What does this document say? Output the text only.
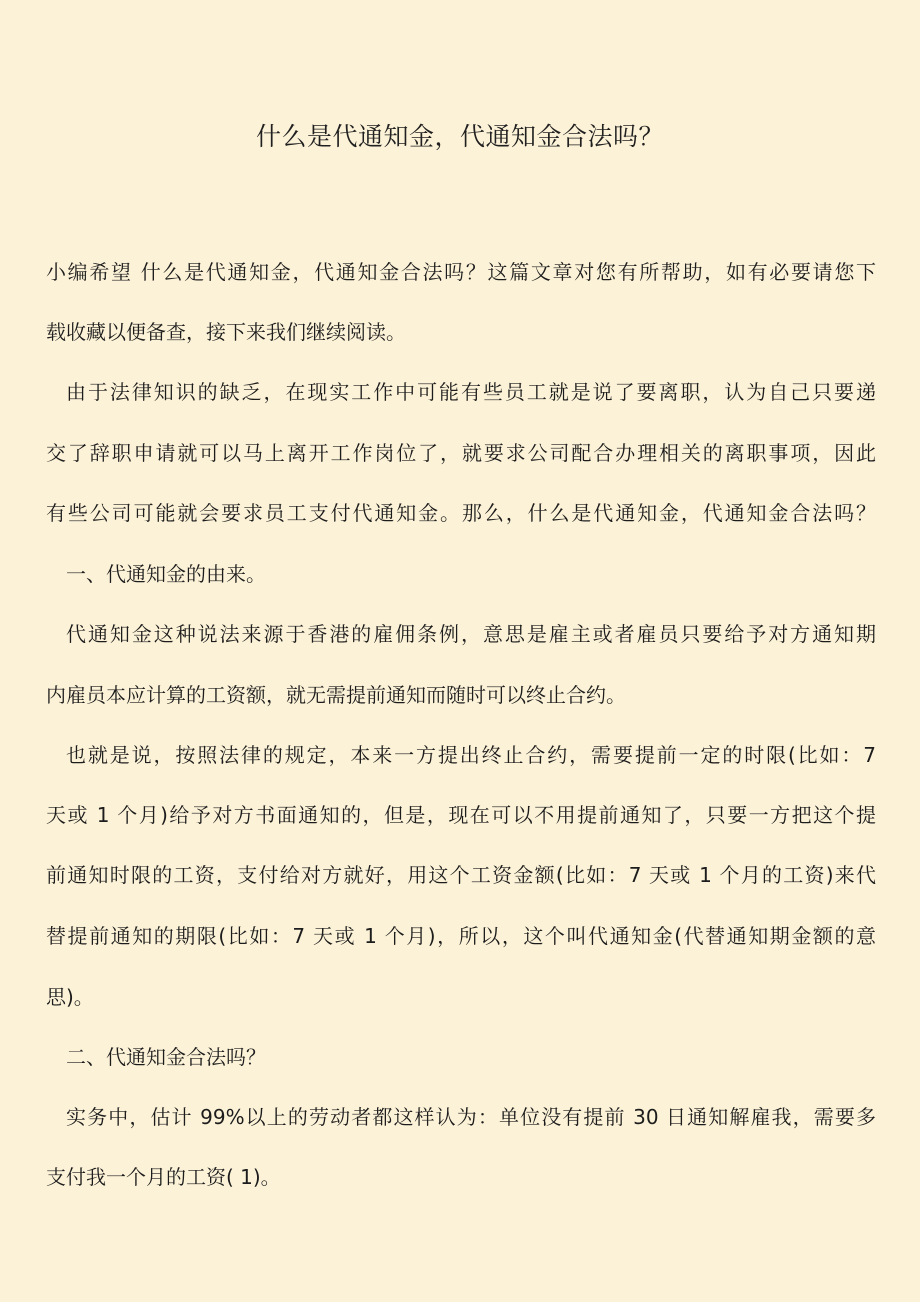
什么是代通知金，代通知金合法吗？
小编希望 什么是代通知金，代通知金合法吗？这篇文章对您有所帮助，如有必要请您下
载收藏以便备查，接下来我们继续阅读。
由于法律知识的缺乏，在现实工作中可能有些员工就是说了要离职，认为自己只要递
交了辞职申请就可以马上离开工作岗位了，就要求公司配合办理相关的离职事项，因此
有些公司可能就会要求员工支付代通知金。那么，什么是代通知金，代通知金合法吗？
一、代通知金的由来。
代通知金这种说法来源于香港的雇佣条例，意思是雇主或者雇员只要给予对方通知期
内雇员本应计算的工资额，就无需提前通知而随时可以终止合约。
也就是说，按照法律的规定，本来一方提出终止合约，需要提前一定的时限(比如：7
天或 1 个月)给予对方书面通知的，但是，现在可以不用提前通知了，只要一方把这个提
前通知时限的工资，支付给对方就好，用这个工资金额(比如：7 天或 1 个月的工资)来代
替提前通知的期限(比如：7 天或 1 个月)，所以，这个叫代通知金(代替通知期金额的意
思)。
二、代通知金合法吗？
实务中，估计 99%以上的劳动者都这样认为：单位没有提前 30 日通知解雇我，需要多
支付我一个月的工资( 1)。
